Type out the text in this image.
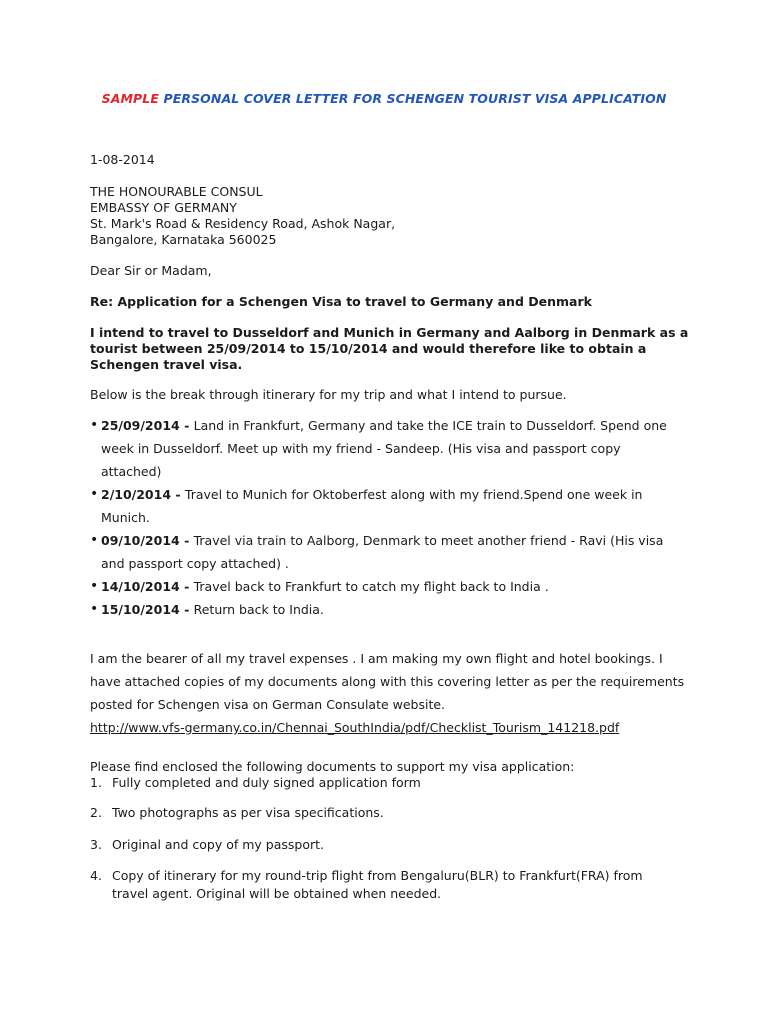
SAMPLE PERSONAL COVER LETTER FOR SCHENGEN TOURIST VISA APPLICATION
1-08-2014
THE HONOURABLE CONSUL
EMBASSY OF GERMANY
St. Mark's Road & Residency Road, Ashok Nagar,
Bangalore, Karnataka 560025
Dear Sir or Madam,
Re: Application for a Schengen Visa to travel to Germany and Denmark
I intend to travel to Dusseldorf and Munich in Germany and Aalborg in Denmark as a
tourist between 25/09/2014 to 15/10/2014 and would therefore like to obtain a
Schengen travel visa.
Below is the break through itinerary for my trip and what I intend to pursue.
• 25/09/2014 - Land in Frankfurt, Germany and take the ICE train to Dusseldorf. Spend one
week in Dusseldorf. Meet up with my friend - Sandeep. (His visa and passport copy
attached)
• 2/10/2014 - Travel to Munich for Oktoberfest along with my friend.Spend one week in
Munich.
• 09/10/2014 - Travel via train to Aalborg, Denmark to meet another friend - Ravi (His visa
and passport copy attached) .
• 14/10/2014 - Travel back to Frankfurt to catch my flight back to India .
• 15/10/2014 - Return back to India.
I am the bearer of all my travel expenses . I am making my own flight and hotel bookings. I
have attached copies of my documents along with this covering letter as per the requirements
posted for Schengen visa on German Consulate website.
http://www.vfs-germany.co.in/Chennai_SouthIndia/pdf/Checklist_Tourism_141218.pdf
Please find enclosed the following documents to support my visa application:
1. Fully completed and duly signed application form
2. Two photographs as per visa specifications.
3. Original and copy of my passport.
4. Copy of itinerary for my round-trip flight from Bengaluru(BLR) to Frankfurt(FRA) from
travel agent. Original will be obtained when needed.
